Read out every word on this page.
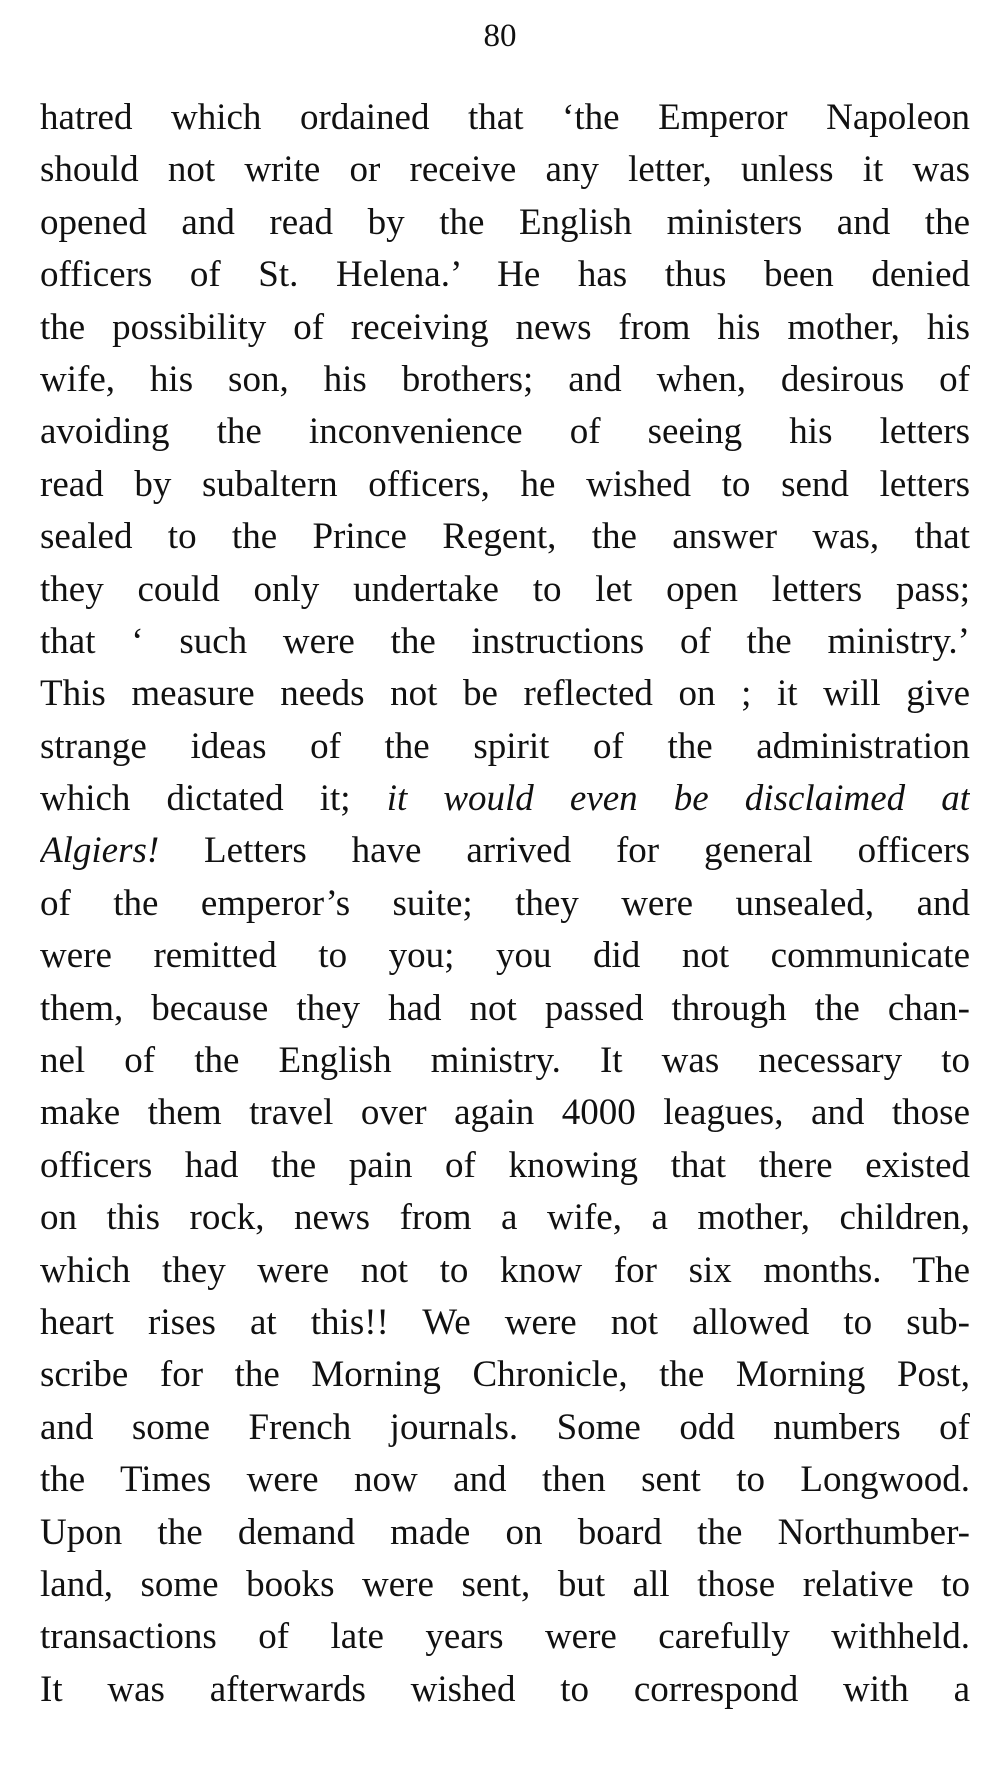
80
hatred which ordained that ‘the Emperor Napoleon
should not write or receive any letter, unless it was
opened and read by the English ministers and the
officers of St. Helena.’ He has thus been denied
the possibility of receiving news from his mother, his
wife, his son, his brothers; and when, desirous of
avoiding the inconvenience of seeing his letters
read by subaltern officers, he wished to send letters
sealed to the Prince Regent, the answer was, that
they could only undertake to let open letters pass;
that ‘ such were the instructions of the ministry.’
This measure needs not be reflected on ; it will give
strange ideas of the spirit of the administration
which dictated it; it would even be disclaimed at
Algiers! Letters have arrived for general officers
of the emperor’s suite; they were unsealed, and
were remitted to you; you did not communicate
them, because they had not passed through the chan-
nel of the English ministry. It was necessary to
make them travel over again 4000 leagues, and those
officers had the pain of knowing that there existed
on this rock, news from a wife, a mother, children,
which they were not to know for six months. The
heart rises at this!! We were not allowed to sub-
scribe for the Morning Chronicle, the Morning Post,
and some French journals. Some odd numbers of
the Times were now and then sent to Longwood.
Upon the demand made on board the Northumber-
land, some books were sent, but all those relative to
transactions of late years were carefully withheld.
It was afterwards wished to correspond with a
